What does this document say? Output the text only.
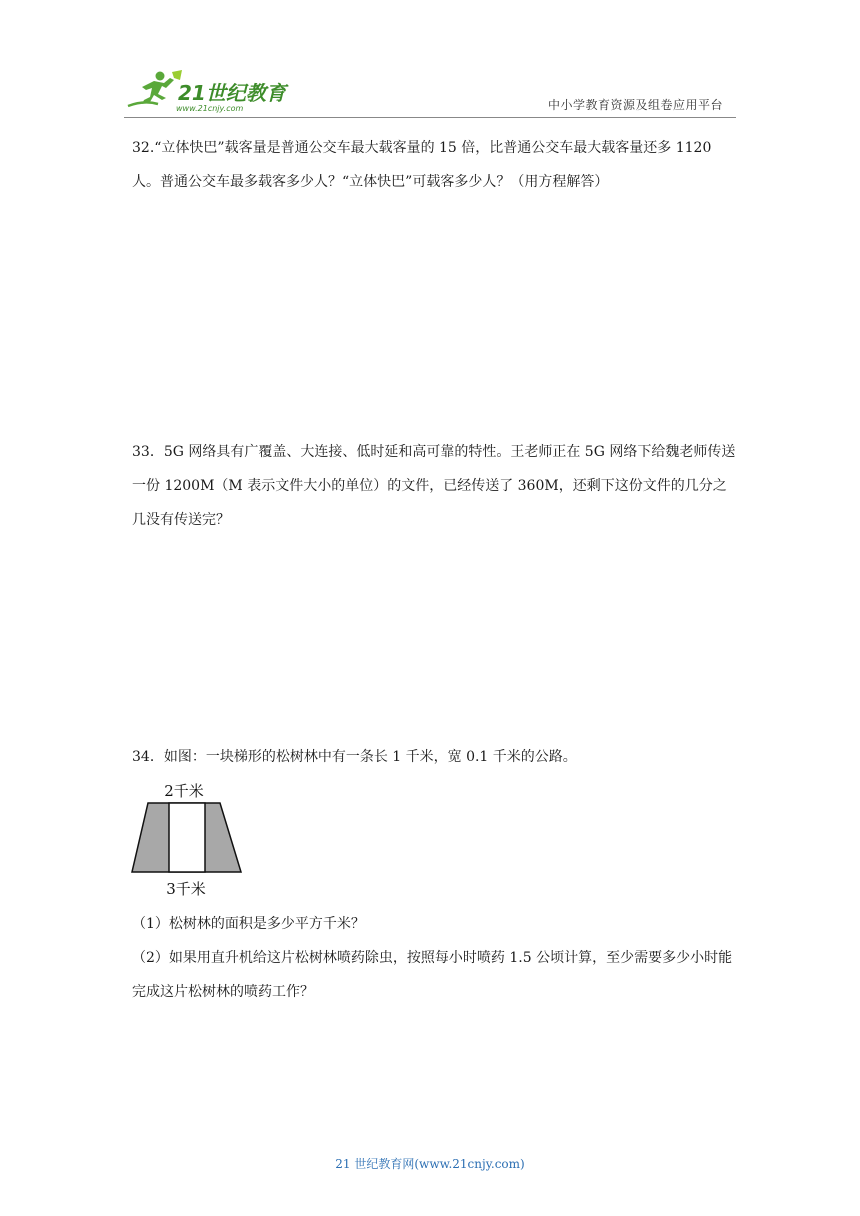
21世纪教育
www.21cnjy.com	中小学教育资源及组卷应用平台
32.“立体快巴”载客量是普通公交车最大载客量的 15 倍，比普通公交车最大载客量还多 1120 人。普通公交车最多载客多少人？“立体快巴”可载客多少人？（用方程解答）
33．5G 网络具有广覆盖、大连接、低时延和高可靠的特性。王老师正在 5G 网络下给魏老师传送一份 1200M（M 表示文件大小的单位）的文件，已经传送了 360M，还剩下这份文件的几分之几没有传送完？
34．如图：一块梯形的松树林中有一条长 1 千米，宽 0.1 千米的公路。
2千米
3千米
（1）松树林的面积是多少平方千米？
（2）如果用直升机给这片松树林喷药除虫，按照每小时喷药 1.5 公顷计算，至少需要多少小时能完成这片松树林的喷药工作？
21 世纪教育网(www.21cnjy.com)
